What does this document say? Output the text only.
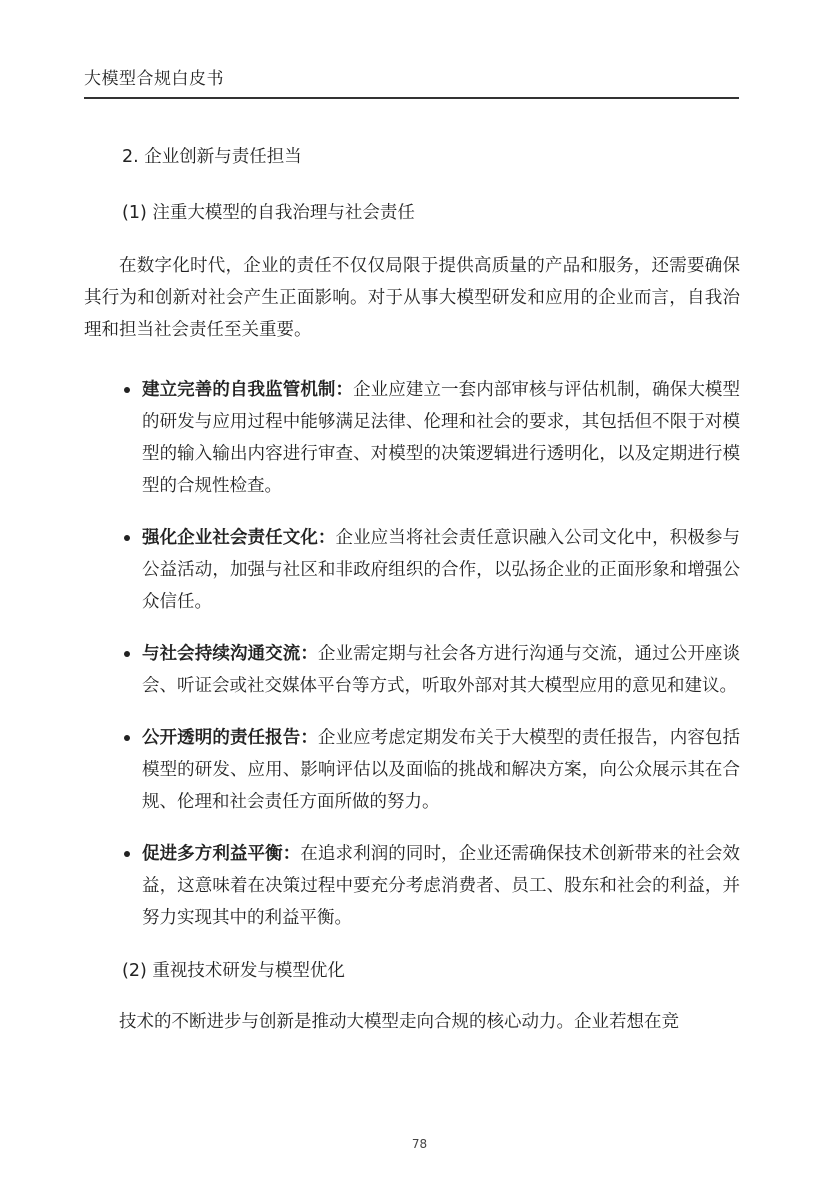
大模型合规白皮书
2. 企业创新与责任担当
(1) 注重大模型的自我治理与社会责任

在数字化时代，企业的责任不仅仅局限于提供高质量的产品和服务，还需要确保其行为和创新对社会产生正面影响。对于从事大模型研发和应用的企业而言，自我治理和担当社会责任至关重要。

建立完善的自我监管机制：企业应建立一套内部审核与评估机制，确保大模型的研发与应用过程中能够满足法律、伦理和社会的要求，其包括但不限于对模型的输入输出内容进行审查、对模型的决策逻辑进行透明化，以及定期进行模型的合规性检查。
强化企业社会责任文化：企业应当将社会责任意识融入公司文化中，积极参与公益活动，加强与社区和非政府组织的合作，以弘扬企业的正面形象和增强公众信任。
与社会持续沟通交流：企业需定期与社会各方进行沟通与交流，通过公开座谈会、听证会或社交媒体平台等方式，听取外部对其大模型应用的意见和建议。
公开透明的责任报告：企业应考虑定期发布关于大模型的责任报告，内容包括模型的研发、应用、影响评估以及面临的挑战和解决方案，向公众展示其在合规、伦理和社会责任方面所做的努力。
促进多方利益平衡：在追求利润的同时，企业还需确保技术创新带来的社会效益，这意味着在决策过程中要充分考虑消费者、员工、股东和社会的利益，并努力实现其中的利益平衡。
(2) 重视技术研发与模型优化

技术的不断进步与创新是推动大模型走向合规的核心动力。企业若想在竞

78
